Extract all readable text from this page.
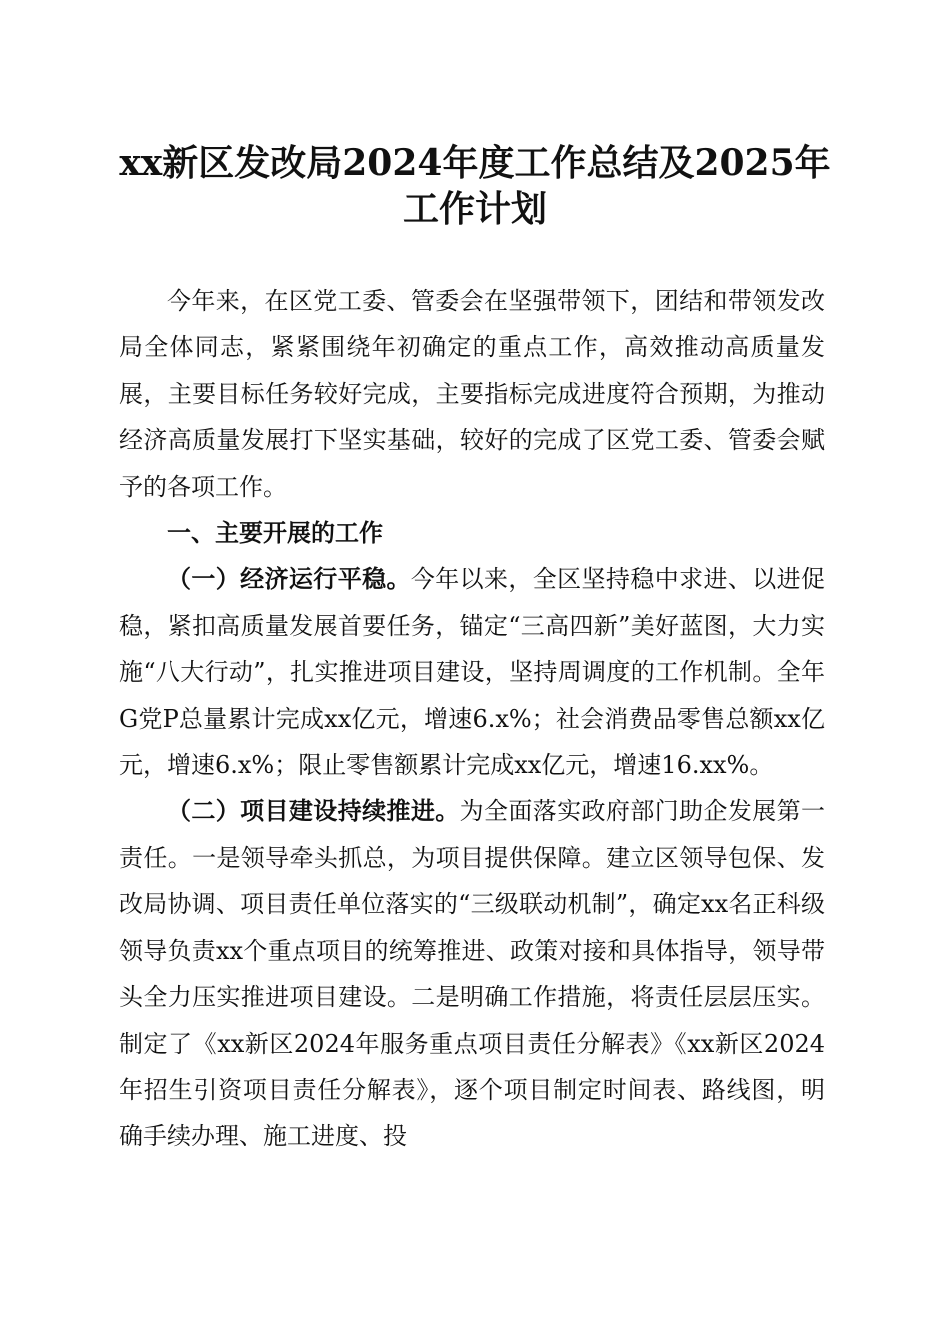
xx新区发改局2024年度工作总结及2025年工作计划

今年来，在区党工委、管委会在坚强带领下，团结和带领发改局全体同志，紧紧围绕年初确定的重点工作，高效推动高质量发展，主要目标任务较好完成，主要指标完成进度符合预期，为推动经济高质量发展打下坚实基础，较好的完成了区党工委、管委会赋予的各项工作。

一、主要开展的工作

（一）经济运行平稳。今年以来，全区坚持稳中求进、以进促稳，紧扣高质量发展首要任务，锚定“三高四新”美好蓝图，大力实施“八大行动”，扎实推进项目建设，坚持周调度的工作机制。全年G党P总量累计完成xx亿元，增速6.x%；社会消费品零售总额xx亿元，增速6.x%；限止零售额累计完成xx亿元，增速16.xx%。

（二）项目建设持续推进。为全面落实政府部门助企发展第一责任。一是领导牵头抓总，为项目提供保障。建立区领导包保、发改局协调、项目责任单位落实的“三级联动机制”，确定xx名正科级领导负责xx个重点项目的统筹推进、政策对接和具体指导，领导带头全力压实推进项目建设。二是明确工作措施，将责任层层压实。制定了《xx新区2024年服务重点项目责任分解表》《xx新区2024年招生引资项目责任分解表》，逐个项目制定时间表、路线图，明确手续办理、施工进度、投
